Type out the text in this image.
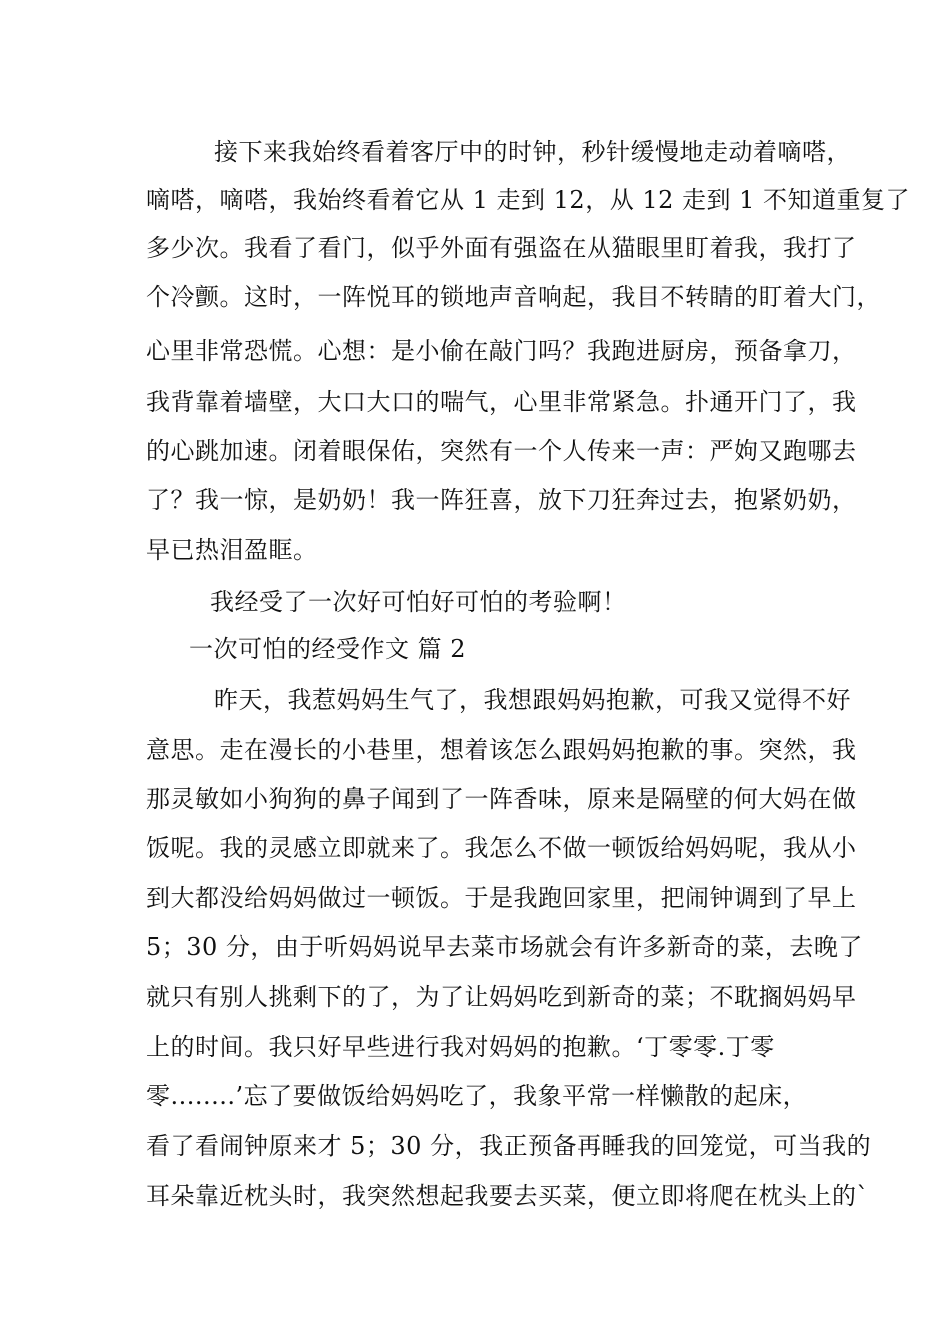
接下来我始终看着客厅中的时钟，秒针缓慢地走动着嘀嗒，
嘀嗒，嘀嗒，我始终看着它从 1 走到 12，从 12 走到 1 不知道重复了
多少次。我看了看门，似乎外面有强盗在从猫眼里盯着我，我打了
个冷颤。这时，一阵悦耳的锁地声音响起，我目不转睛的盯着大门，
心里非常恐慌。心想：是小偷在敲门吗？我跑进厨房，预备拿刀，
我背靠着墙壁，大口大口的喘气，心里非常紧急。扑通开门了，我
的心跳加速。闭着眼保佑，突然有一个人传来一声：严姁又跑哪去
了？我一惊，是奶奶！我一阵狂喜，放下刀狂奔过去，抱紧奶奶，
早已热泪盈眶。
我经受了一次好可怕好可怕的考验啊！
一次可怕的经受作文 篇 2
昨天，我惹妈妈生气了，我想跟妈妈抱歉，可我又觉得不好
意思。走在漫长的小巷里，想着该怎么跟妈妈抱歉的事。突然，我
那灵敏如小狗狗的鼻子闻到了一阵香味，原来是隔壁的何大妈在做
饭呢。我的灵感立即就来了。我怎么不做一顿饭给妈妈呢，我从小
到大都没给妈妈做过一顿饭。于是我跑回家里，把闹钟调到了早上
5；30 分，由于听妈妈说早去菜市场就会有许多新奇的菜，去晚了
就只有别人挑剩下的了，为了让妈妈吃到新奇的菜；不耽搁妈妈早
上的时间。我只好早些进行我对妈妈的抱歉。‘丁零零.丁零
零........’忘了要做饭给妈妈吃了，我象平常一样懒散的起床，
看了看闹钟原来才 5；30 分，我正预备再睡我的回笼觉，可当我的
耳朵靠近枕头时，我突然想起我要去买菜，便立即将爬在枕头上的`
